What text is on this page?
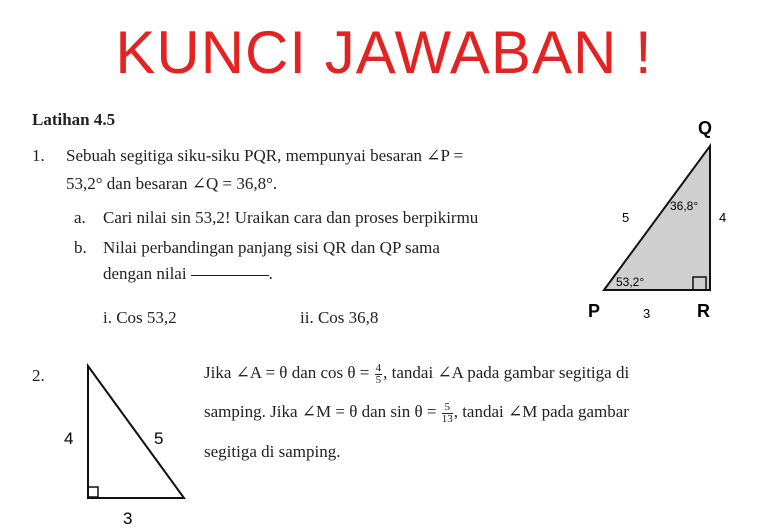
KUNCI JAWABAN !
Latihan 4.5
1. Sebuah segitiga siku-siku PQR, mempunyai besaran ∠P =
53,2° dan besaran ∠Q = 36,8°.
a. Cari nilai sin 53,2! Uraikan cara dan proses berpikirmu
b. Nilai perbandingan panjang sisi QR dan QP sama
dengan nilai	.
i. Cos 53,2	ii. Cos 36,8
Q
P	R
5	4
3
36,8°
53,2°
4	5
3
2.	Jika ∠A = θ dan $\cos \theta = \frac{4}{5}$ , tandai ∠A pada gambar segitiga di
samping. Jika ∠M = θ dan $\sin \theta = \frac{5}{13}$ , tandai ∠M pada gambar
segitiga di samping.
